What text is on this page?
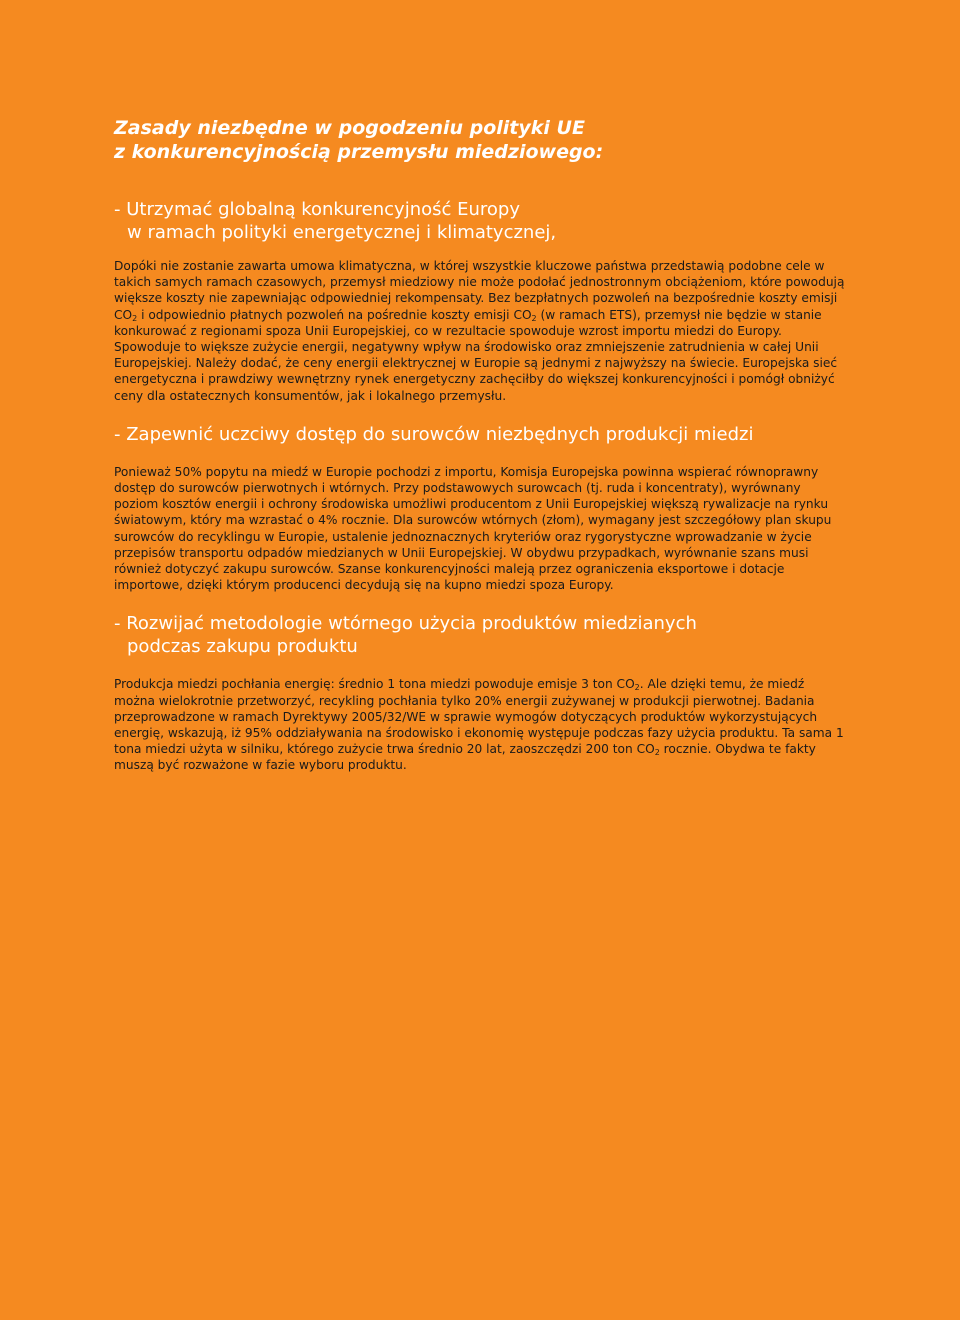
Zasady niezbędne w pogodzeniu polityki UE
z konkurencyjnością przemysłu miedziowego:
- Utrzymać globalną konkurencyjność Europy
w ramach polityki energetycznej i klimatycznej,

Dopóki nie zostanie zawarta umowa klimatyczna, w której wszystkie kluczowe państwa przedstawią podobne cele w takich samych ramach czasowych, przemysł miedziowy nie może podołać jednostronnym obciążeniom, które powodują większe koszty nie zapewniając odpowiedniej rekompensaty. Bez bezpłatnych pozwoleń na bezpośrednie koszty emisji $CO_2$ i odpowiednio płatnych pozwoleń na pośrednie koszty emisji $CO_2$ (w ramach ETS), przemysł nie będzie w stanie konkurować z regionami spoza Unii Europejskiej, co w rezultacie spowoduje wzrost importu miedzi do Europy. Spowoduje to większe zużycie energii, negatywny wpływ na środowisko oraz zmniejszenie zatrudnienia w całej Unii Europejskiej. Należy dodać, że ceny energii elektrycznej w Europie są jednymi z najwyższy na świecie. Europejska sieć energetyczna i prawdziwy wewnętrzny rynek energetyczny zachęciłby do większej konkurencyjności i pomógł obniżyć ceny dla ostatecznych konsumentów, jak i lokalnego przemysłu.

- Zapewnić uczciwy dostęp do surowców niezbędnych produkcji miedzi

Ponieważ 50% popytu na miedź w Europie pochodzi z importu, Komisja Europejska powinna wspierać równoprawny dostęp do surowców pierwotnych i wtórnych. Przy podstawowych surowcach (tj. ruda i koncentraty), wyrównany poziom kosztów energii i ochrony środowiska umożliwi producentom z Unii Europejskiej większą rywalizacje na rynku światowym, który ma wzrastać o 4% rocznie. Dla surowców wtórnych (złom), wymagany jest szczegółowy plan skupu surowców do recyklingu w Europie, ustalenie jednoznacznych kryteriów oraz rygorystyczne wprowadzanie w życie przepisów transportu odpadów miedzianych w Unii Europejskiej. W obydwu przypadkach, wyrównanie szans musi również dotyczyć zakupu surowców. Szanse konkurencyjności maleją przez ograniczenia eksportowe i dotacje importowe, dzięki którym producenci decydują się na kupno miedzi spoza Europy.

- Rozwijać metodologie wtórnego użycia produktów miedzianych
podczas zakupu produktu

Produkcja miedzi pochłania energię: średnio 1 tona miedzi powoduje emisje 3 ton $CO_2$. Ale dzięki temu, że miedź można wielokrotnie przetworzyć, recykling pochłania tylko 20% energii zużywanej w produkcji pierwotnej. Badania przeprowadzone w ramach Dyrektywy 2005/32/WE w sprawie wymogów dotyczących produktów wykorzystujących energię, wskazują, iż 95% oddziaływania na środowisko i ekonomię występuje podczas fazy użycia produktu. Ta sama 1 tona miedzi użyta w silniku, którego zużycie trwa średnio 20 lat, zaoszczędzi 200 ton $CO_2$ rocznie. Obydwa te fakty muszą być rozważone w fazie wyboru produktu.
